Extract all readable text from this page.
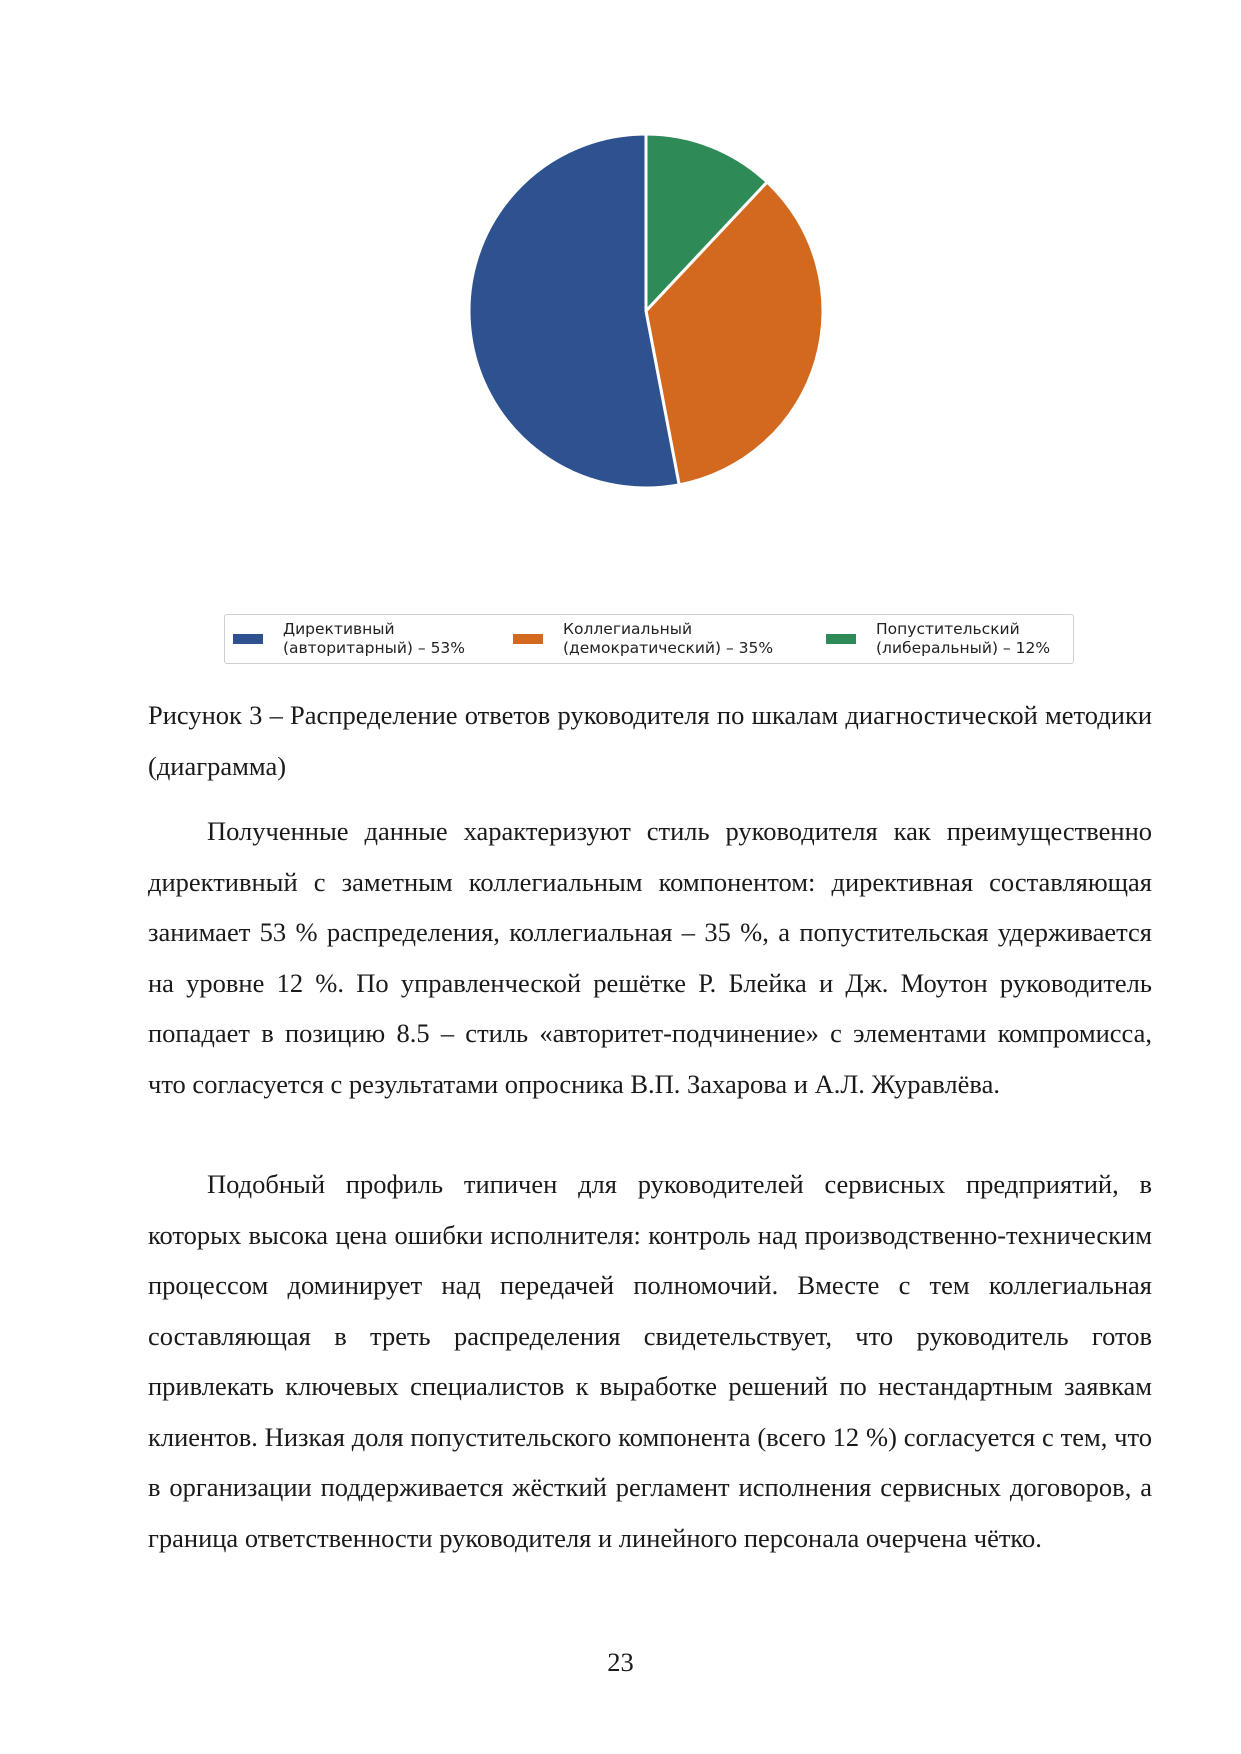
Директивный
(авторитарный) – 53%
Коллегиальный
(демократический) – 35%
Попустительский
(либеральный) – 12%
Рисунок 3 – Распределение ответов руководителя по шкалам диагностической методики (диаграмма)
Полученные данные характеризуют стиль руководителя как преимущественно директивный с заметным коллегиальным компонентом: директивная составляющая занимает 53 % распределения, коллегиальная – 35 %, а попустительская удерживается на уровне 12 %. По управленческой решётке Р. Блейка и Дж. Моутон руководитель попадает в позицию 8.5 – стиль «авторитет-подчинение» с элементами компромисса, что согласуется с результатами опросника В.П. Захарова и А.Л. Журавлёва.
Подобный профиль типичен для руководителей сервисных предприятий, в которых высока цена ошибки исполнителя: контроль над производственно-техническим процессом доминирует над передачей полномочий. Вместе с тем коллегиальная составляющая в треть распределения свидетельствует, что руководитель готов привлекать ключевых специалистов к выработке решений по нестандартным заявкам клиентов. Низкая доля попустительского компонента (всего 12 %) согласуется с тем, что в организации поддерживается жёсткий регламент исполнения сервисных договоров, а граница ответственности руководителя и линейного персонала очерчена чётко.
23
